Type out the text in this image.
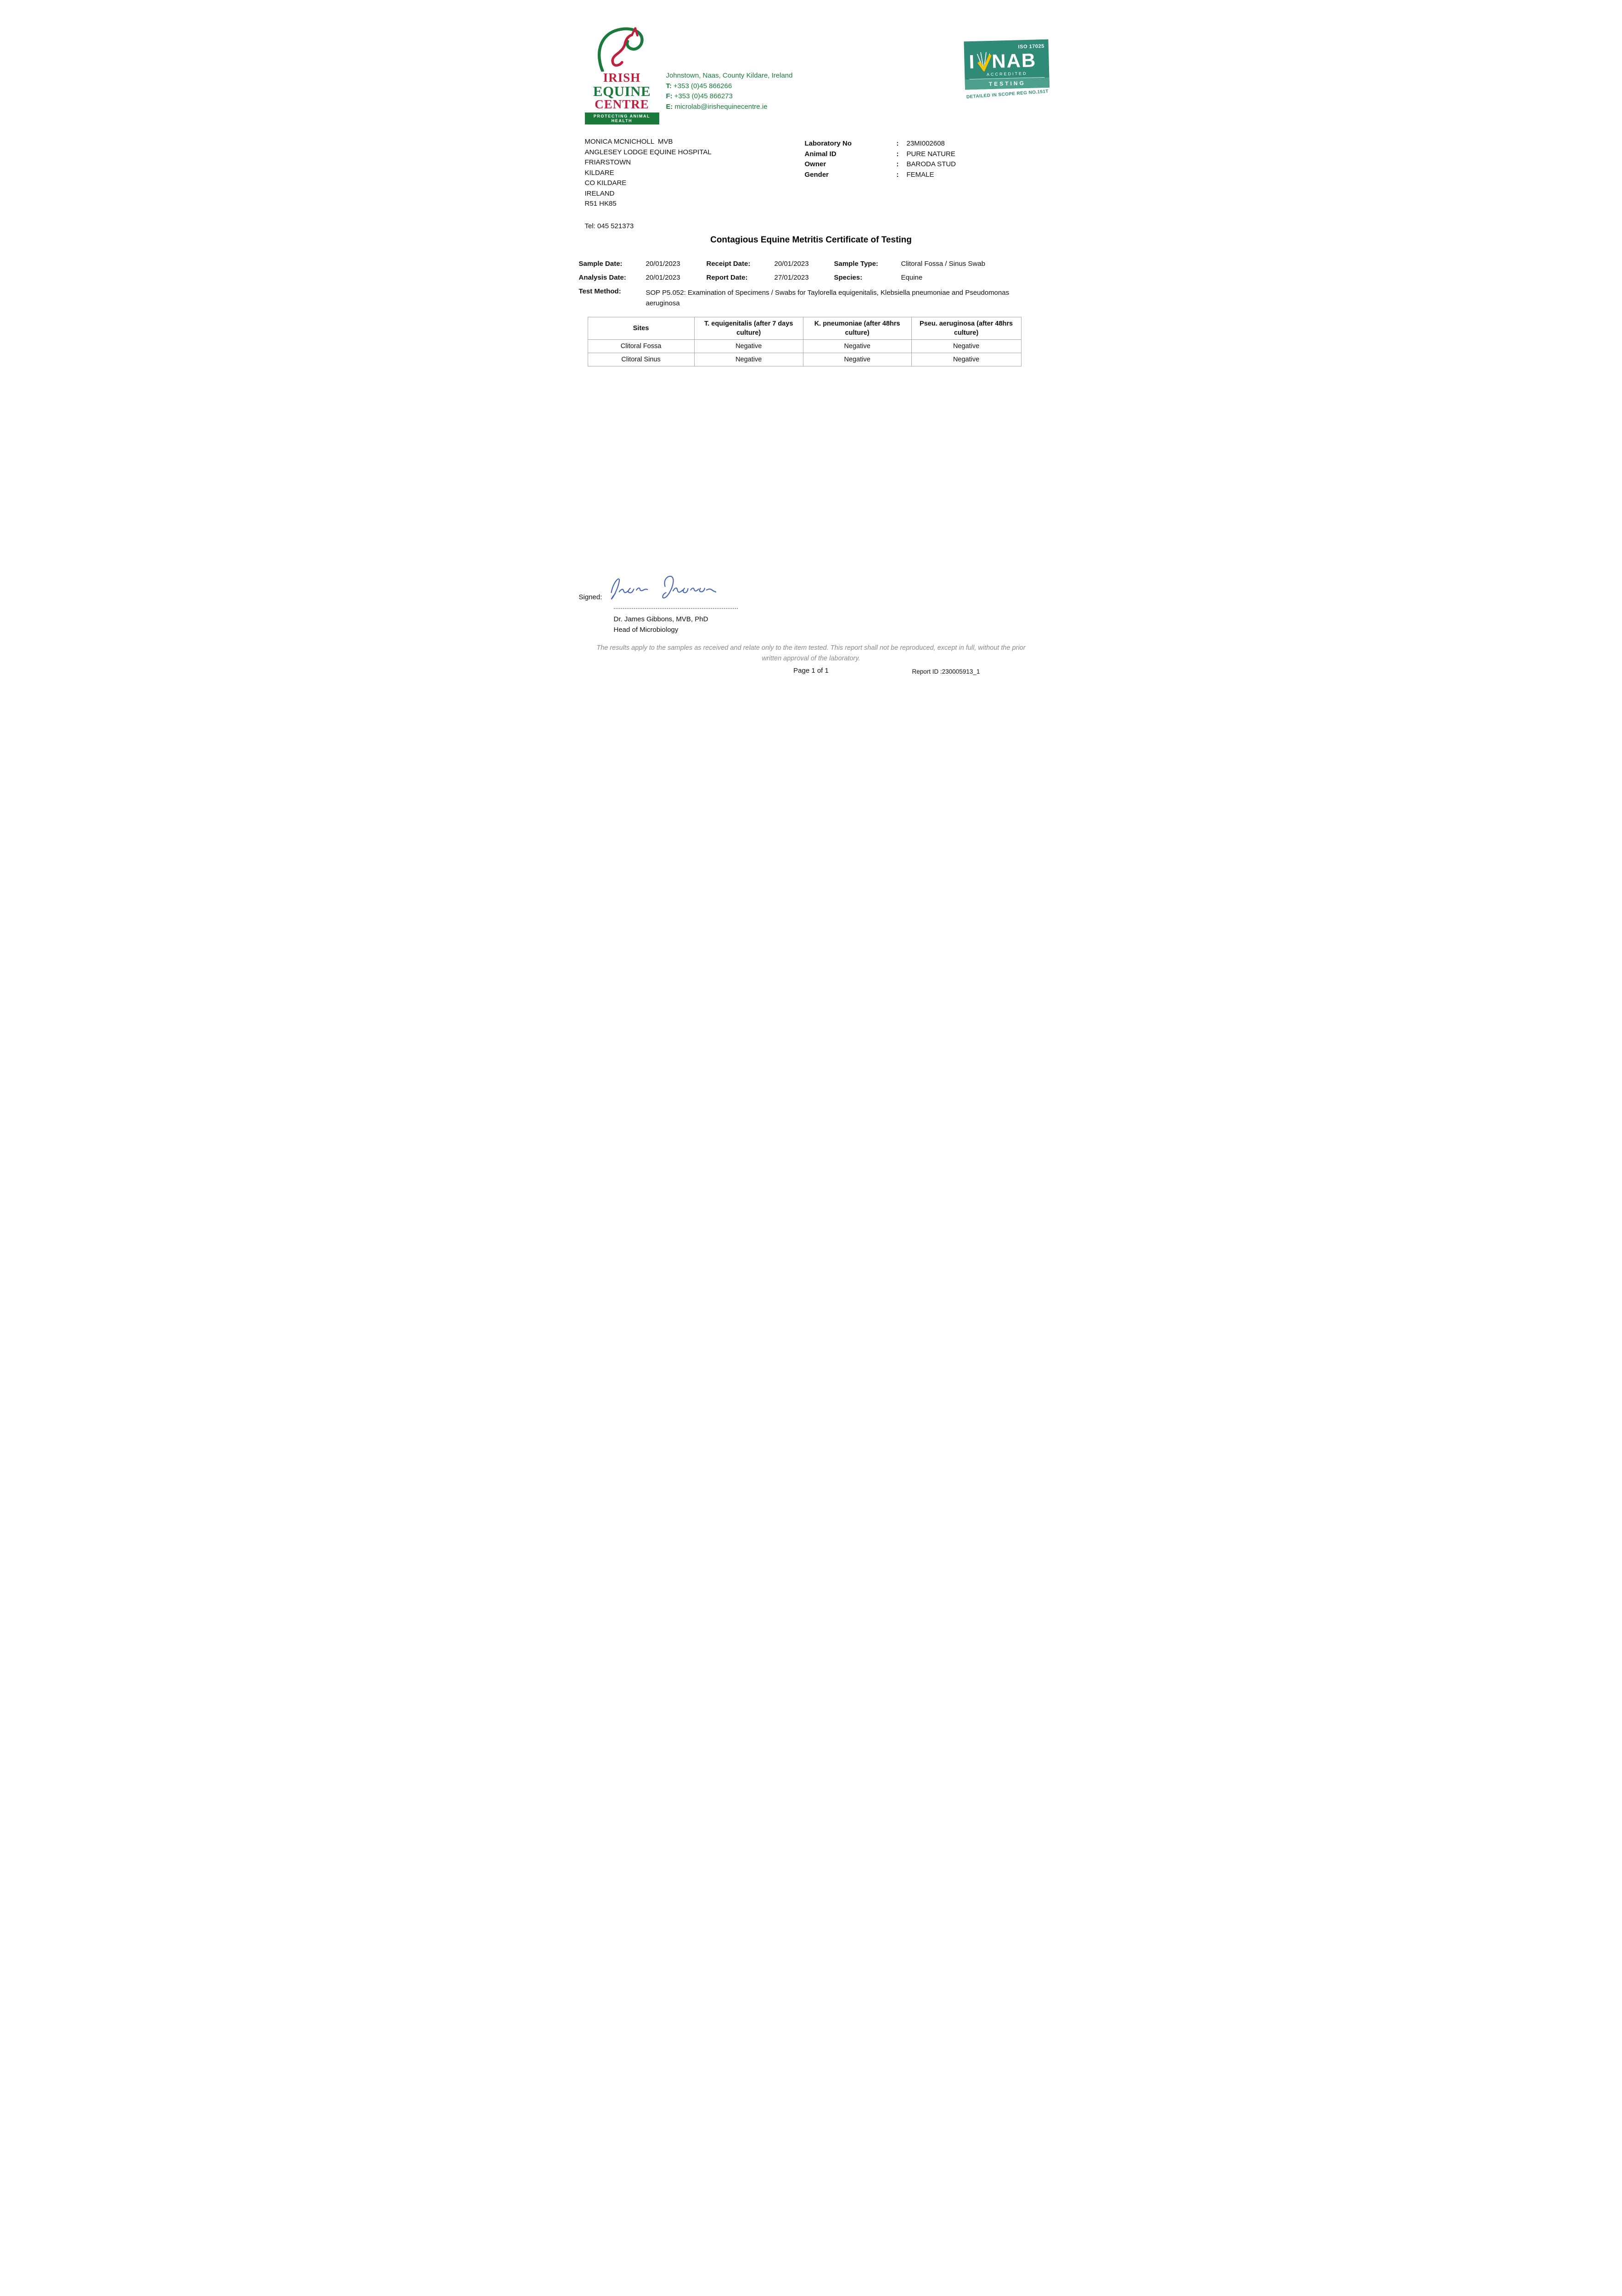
IRISH
EQUINE
CENTRE
PROTECTING ANIMAL HEALTH
Johnstown, Naas, County Kildare, Ireland
T: +353 (0)45 866266
F: +353 (0)45 866273
E: microlab@irishequinecentre.ie
ISO 17025
I NAB
ACCREDITED
TESTING
DETAILED IN SCOPE REG NO.151T
MONICA MCNICHOLL  MVB
ANGLESEY LODGE EQUINE HOSPITAL
FRIARSTOWN
KILDARE
CO KILDARE
IRELAND
R51 HK85
Tel: 045 521373
Laboratory No	:	23MI002608
Animal ID	:	PURE NATURE
Owner	:	BARODA STUD
Gender	:	FEMALE
Contagious Equine Metritis Certificate of Testing
Sample Date:	20/01/2023	Receipt Date:	20/01/2023	Sample Type:	Clitoral Fossa / Sinus Swab
Analysis Date:	20/01/2023	Report Date:	27/01/2023	Species:	Equine
Test Method:	SOP P5.052: Examination of Specimens / Swabs for Taylorella equigenitalis, Klebsiella pneumoniae and Pseudomonas aeruginosa
Sites	T. equigenitalis (after 7 days culture)	K. pneumoniae (after 48hrs culture)	Pseu. aeruginosa (after 48hrs culture)
Clitoral Fossa	Negative	Negative	Negative
Clitoral Sinus	Negative	Negative	Negative
Signed:
Dr. James Gibbons, MVB, PhD
Head of Microbiology
The results apply to the samples as received and relate only to the item tested. This report shall not be reproduced, except in full, without the prior written approval of the laboratory.
Page 1 of 1	Report ID :230005913_1
